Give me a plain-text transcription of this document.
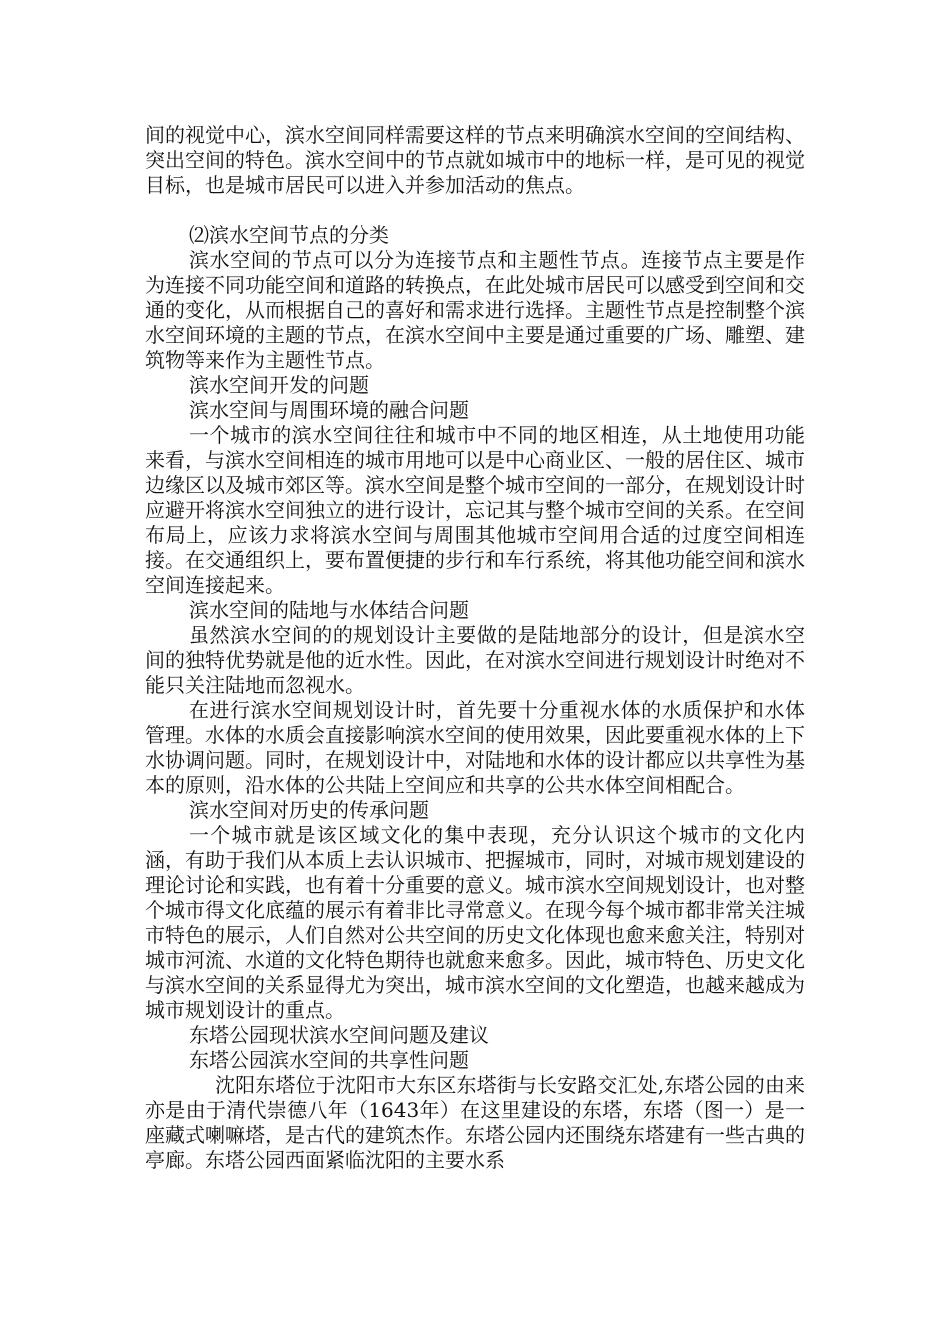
间的视觉中心，滨水空间同样需要这样的节点来明确滨水空间的空间结构、突出空间的特色。滨水空间中的节点就如城市中的地标一样，是可见的视觉目标，也是城市居民可以进入并参加活动的焦点。

⑵滨水空间节点的分类

滨水空间的节点可以分为连接节点和主题性节点。连接节点主要是作为连接不同功能空间和道路的转换点，在此处城市居民可以感受到空间和交通的变化，从而根据自己的喜好和需求进行选择。主题性节点是控制整个滨水空间环境的主题的节点，在滨水空间中主要是通过重要的广场、雕塑、建筑物等来作为主题性节点。

滨水空间开发的问题

滨水空间与周围环境的融合问题

一个城市的滨水空间往往和城市中不同的地区相连，从土地使用功能来看，与滨水空间相连的城市用地可以是中心商业区、一般的居住区、城市边缘区以及城市郊区等。滨水空间是整个城市空间的一部分，在规划设计时应避开将滨水空间独立的进行设计，忘记其与整个城市空间的关系。在空间布局上，应该力求将滨水空间与周围其他城市空间用合适的过度空间相连接。在交通组织上，要布置便捷的步行和车行系统，将其他功能空间和滨水空间连接起来。

滨水空间的陆地与水体结合问题

虽然滨水空间的的规划设计主要做的是陆地部分的设计，但是滨水空间的独特优势就是他的近水性。因此，在对滨水空间进行规划设计时绝对不能只关注陆地而忽视水。

在进行滨水空间规划设计时，首先要十分重视水体的水质保护和水体管理。水体的水质会直接影响滨水空间的使用效果，因此要重视水体的上下水协调问题。同时，在规划设计中，对陆地和水体的设计都应以共享性为基本的原则，沿水体的公共陆上空间应和共享的公共水体空间相配合。

滨水空间对历史的传承问题

一个城市就是该区域文化的集中表现，充分认识这个城市的文化内涵，有助于我们从本质上去认识城市、把握城市，同时，对城市规划建设的理论讨论和实践，也有着十分重要的意义。城市滨水空间规划设计，也对整个城市得文化底蕴的展示有着非比寻常意义。在现今每个城市都非常关注城市特色的展示，人们自然对公共空间的历史文化体现也愈来愈关注，特别对城市河流、水道的文化特色期待也就愈来愈多。因此，城市特色、历史文化与滨水空间的关系显得尤为突出，城市滨水空间的文化塑造，也越来越成为城市规划设计的重点。

东塔公园现状滨水空间问题及建议

东塔公园滨水空间的共享性问题

沈阳东塔位于沈阳市大东区东塔街与长安路交汇处,东塔公园的由来亦是由于清代崇德八年（1643年）在这里建设的东塔，东塔（图一）是一座藏式喇嘛塔，是古代的建筑杰作。东塔公园内还围绕东塔建有一些古典的亭廊。东塔公园西面紧临沈阳的主要水系
